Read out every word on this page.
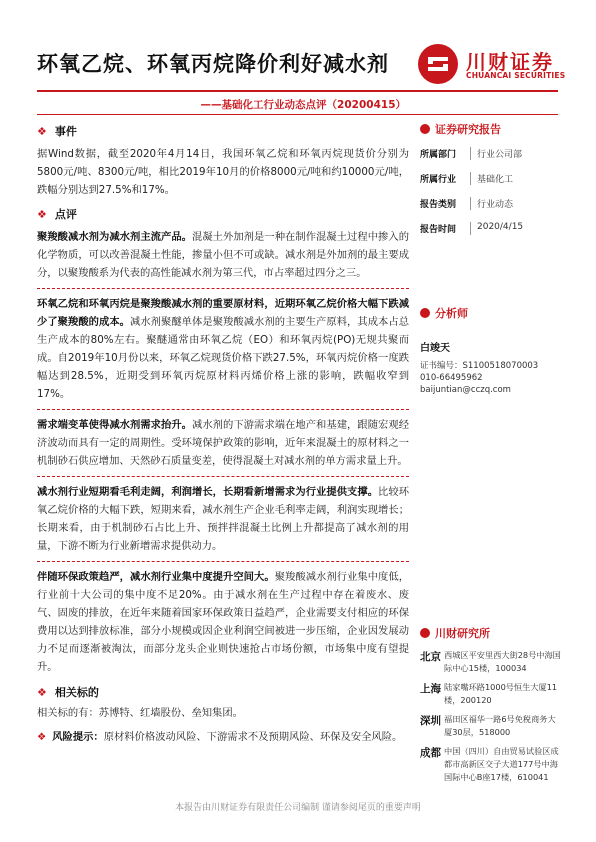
环氧乙烷、环氧丙烷降价利好减水剂	川财证券
CHUANCAI SECURITIES
——基础化工行业动态点评（20200415）
❖ 事件
据Wind数据，截至2020年4月14日，我国环氧乙烷和环氧丙烷现货价分别为5800元/吨、8300元/吨，相比2019年10月的价格8000元/吨和约10000元/吨，跌幅分别达到27.5%和17%。
❖ 点评
聚羧酸减水剂为减水剂主流产品。混凝土外加剂是一种在制作混凝土过程中掺入的化学物质，可以改善混凝土性能，掺量小但不可或缺。减水剂是外加剂的最主要成分，以聚羧酸系为代表的高性能减水剂为第三代，市占率超过四分之三。
环氧乙烷和环氧丙烷是聚羧酸减水剂的重要原材料，近期环氧乙烷价格大幅下跌减少了聚羧酸的成本。减水剂聚醚单体是聚羧酸减水剂的主要生产原料，其成本占总生产成本的80%左右。聚醚通常由环氧乙烷（EO）和环氧丙烷(PO)无规共聚而成。自2019年10月份以来，环氧乙烷现货价格下跌27.5%，环氧丙烷价格一度跌幅达到28.5%，近期受到环氧丙烷原材料丙烯价格上涨的影响，跌幅收窄到17%。
需求端变革使得减水剂需求抬升。减水剂的下游需求端在地产和基建，跟随宏观经济波动而具有一定的周期性。受环境保护政策的影响，近年来混凝土的原材料之一机制砂石供应增加、天然砂石质量变差，使得混凝土对减水剂的单方需求量上升。
减水剂行业短期看毛利走阔，利润增长，长期看新增需求为行业提供支撑。比较环氧乙烷价格的大幅下跌，短期来看，减水剂生产企业毛利率走阔，利润实现增长；长期来看，由于机制砂石占比上升、预拌拌混凝土比例上升都提高了减水剂的用量，下游不断为行业新增需求提供动力。
伴随环保政策趋严，减水剂行业集中度提升空间大。聚羧酸减水剂行业集中度低，行业前十大公司的集中度不足20%。由于减水剂在生产过程中存在着废水、废气、固废的排放，在近年来随着国家环保政策日益趋严，企业需要支付相应的环保费用以达到排放标准，部分小规模或因企业利润空间被进一步压缩，企业因发展动力不足而逐渐被淘汰，而部分龙头企业则快速抢占市场份额，市场集中度有望提升。
❖ 相关标的
相关标的有：苏博特、红墙股份、垒知集团。
❖ 风险提示：原材料价格波动风险、下游需求不及预期风险、环保及安全风险。
证券研究报告
所属部门	行业公司部
所属行业	基础化工
报告类别	行业动态
报告时间	2020/4/15
分析师
白竣天
证书编号：S1100518070003
010-66495962
baijuntian@cczq.com
川财研究所
北京 西城区平安里西大街28号中海国际中心15楼，100034
上海 陆家嘴环路1000号恒生大厦11楼，200120
深圳 福田区福华一路6号免税商务大厦30层，518000
成都 中国（四川）自由贸易试验区成都市高新区交子大道177号中海国际中心B座17楼，610041
本报告由川财证券有限责任公司编制 谨请参阅尾页的重要声明
